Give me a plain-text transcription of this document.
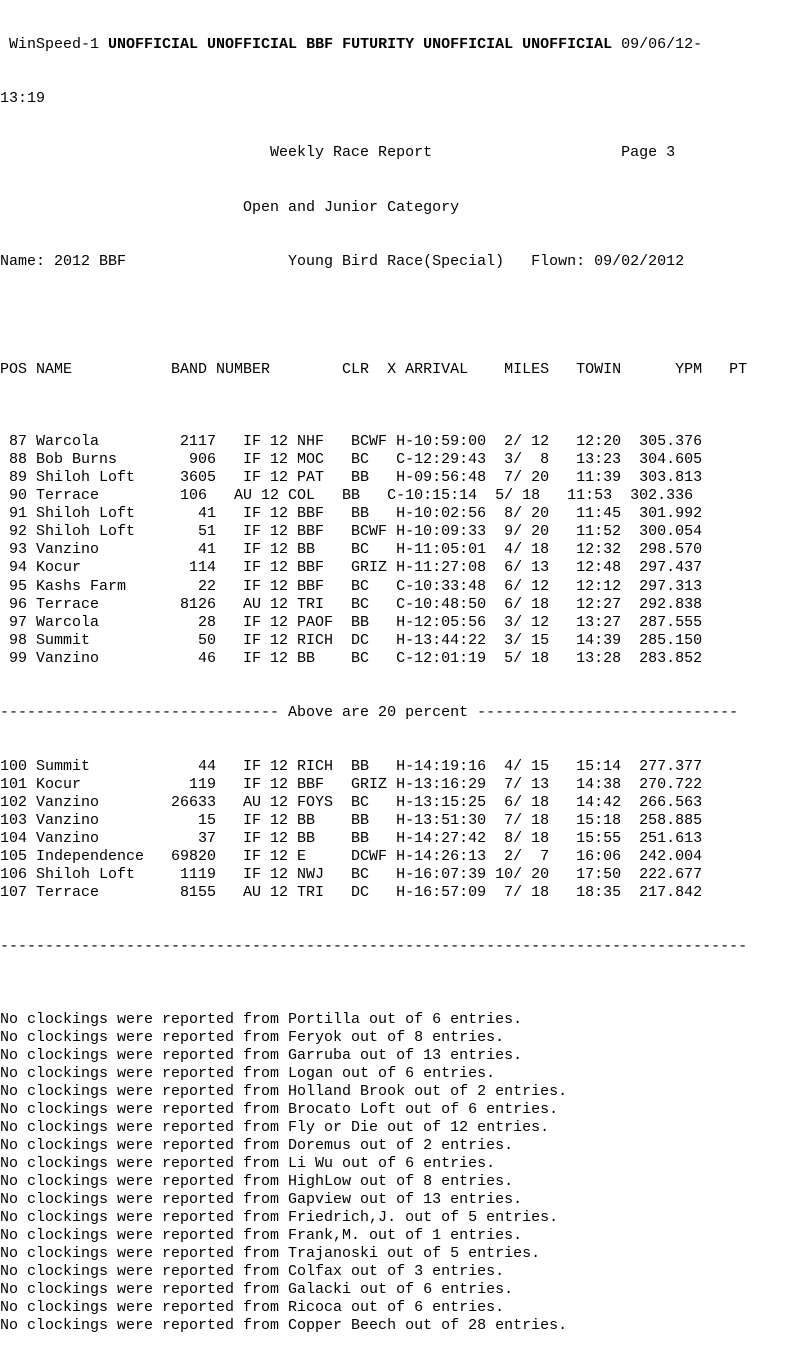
WinSpeed-1 UNOFFICIAL UNOFFICIAL BBF FUTURITY UNOFFICIAL UNOFFICIAL 09/06/12-

13:19

Weekly Race Report                     Page 3

Open and Junior Category

Name: 2012 BBF                  Young Bird Race(Special)   Flown: 09/02/2012

POS NAME           BAND NUMBER        CLR  X ARRIVAL    MILES   TOWIN      YPM   PT

87 Warcola         2117   IF 12 NHF   BCWF H-10:59:00  2/ 12   12:20  305.376
88 Bob Burns        906   IF 12 MOC   BC   C-12:29:43  3/  8   13:23  304.605
89 Shiloh Loft     3605   IF 12 PAT   BB   H-09:56:48  7/ 20   11:39  303.813
90 Terrace         106   AU 12 COL   BB   C-10:15:14  5/ 18   11:53  302.336
91 Shiloh Loft       41   IF 12 BBF   BB   H-10:02:56  8/ 20   11:45  301.992
92 Shiloh Loft       51   IF 12 BBF   BCWF H-10:09:33  9/ 20   11:52  300.054
93 Vanzino           41   IF 12 BB    BC   H-11:05:01  4/ 18   12:32  298.570
94 Kocur            114   IF 12 BBF   GRIZ H-11:27:08  6/ 13   12:48  297.437
95 Kashs Farm        22   IF 12 BBF   BC   C-10:33:48  6/ 12   12:12  297.313
96 Terrace         8126   AU 12 TRI   BC   C-10:48:50  6/ 18   12:27  292.838
97 Warcola           28   IF 12 PAOF  BB   H-12:05:56  3/ 12   13:27  287.555
98 Summit            50   IF 12 RICH  DC   H-13:44:22  3/ 15   14:39  285.150
99 Vanzino           46   IF 12 BB    BC   C-12:01:19  5/ 18   13:28  283.852

------------------------------- Above are 20 percent -----------------------------

100 Summit            44   IF 12 RICH  BB   H-14:19:16  4/ 15   15:14  277.377
101 Kocur            119   IF 12 BBF   GRIZ H-13:16:29  7/ 13   14:38  270.722
102 Vanzino        26633   AU 12 FOYS  BC   H-13:15:25  6/ 18   14:42  266.563
103 Vanzino           15   IF 12 BB    BB   H-13:51:30  7/ 18   15:18  258.885
104 Vanzino           37   IF 12 BB    BB   H-14:27:42  8/ 18   15:55  251.613
105 Independence   69820   IF 12 E     DCWF H-14:26:13  2/  7   16:06  242.004
106 Shiloh Loft     1119   IF 12 NWJ   BC   H-16:07:39 10/ 20   17:50  222.677
107 Terrace         8155   AU 12 TRI   DC   H-16:57:09  7/ 18   18:35  217.842

-----------------------------------------------------------------------------------

No clockings were reported from Portilla out of 6 entries.
No clockings were reported from Feryok out of 8 entries.
No clockings were reported from Garruba out of 13 entries.
No clockings were reported from Logan out of 6 entries.
No clockings were reported from Holland Brook out of 2 entries.
No clockings were reported from Brocato Loft out of 6 entries.
No clockings were reported from Fly or Die out of 12 entries.
No clockings were reported from Doremus out of 2 entries.
No clockings were reported from Li Wu out of 6 entries.
No clockings were reported from HighLow out of 8 entries.
No clockings were reported from Gapview out of 13 entries.
No clockings were reported from Friedrich,J. out of 5 entries.
No clockings were reported from Frank,M. out of 1 entries.
No clockings were reported from Trajanoski out of 5 entries.
No clockings were reported from Colfax out of 3 entries.
No clockings were reported from Galacki out of 6 entries.
No clockings were reported from Ricoca out of 6 entries.
No clockings were reported from Copper Beech out of 28 entries.
